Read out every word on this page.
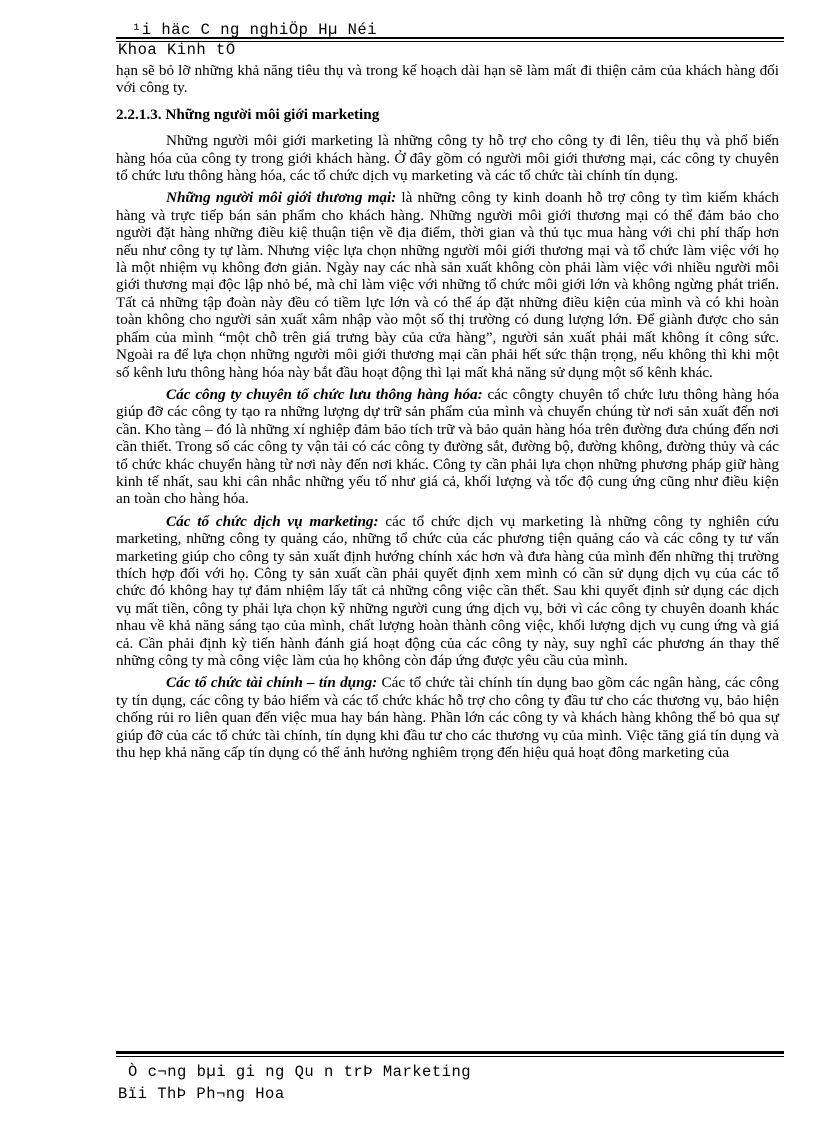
¹i häc C ng nghiÖp Hµ Néi
Khoa Kinh tÕ

hạn sẽ bỏ lỡ những khả năng tiêu thụ và trong kế hoạch dài hạn sẽ làm mất đi thiện cảm của khách hàng đối với công ty.

2.2.1.3. Những người môi giới marketing

Những người môi giới marketing là những công ty hỗ trợ cho công ty đi lên, tiêu thụ và phổ biến hàng hóa của công ty trong giới khách hàng. Ở đây gồm có người môi giới thương mại, các công ty chuyên tổ chức lưu thông hàng hóa, các tổ chức dịch vụ marketing và các tổ chức tài chính tín dụng.

Những người môi giới thương mại: là những công ty kinh doanh hỗ trợ công ty tìm kiếm khách hàng và trực tiếp bán sản phẩm cho khách hàng. Những người môi giới thương mại có thể đảm bảo cho người đặt hàng những điều kiệ thuận tiện về địa điểm, thời gian và thủ tục mua hàng với chi phí thấp hơn nếu như công ty tự làm. Nhưng việc lựa chọn những người môi giới thương mại và tổ chức làm việc với họ là một nhiệm vụ không đơn giản. Ngày nay các nhà sản xuất không còn phải làm việc với nhiều người môi giới thương mại độc lập nhỏ bé, mà chỉ làm việc với những tổ chức môi giới lớn và không ngừng phát triển. Tất cả những tập đoàn này đều có tiềm lực lớn và có thể áp đặt những điều kiện của mình và có khi hoàn toàn không cho người sản xuất xâm nhập vào một số thị trường có dung lượng lớn. Để giành được cho sản phẩm của mình “một chỗ trên giá trưng bày của cửa hàng”, người sản xuất phải mất không ít công sức. Ngoài ra để lựa chọn những người môi giới thương mại cần phải hết sức thận trọng, nếu không thì khi một số kênh lưu thông hàng hóa này bắt đầu hoạt động thì lại mất khả năng sử dụng một số kênh khác.

Các công ty chuyên tổ chức lưu thông hàng hóa: các côngty chuyên tổ chức lưu thông hàng hóa giúp đỡ các công ty tạo ra những lượng dự trữ sản phẩm của mình và chuyển chúng từ nơi sản xuất đến nơi cần. Kho tàng – đó là những xí nghiệp đảm bảo tích trữ và bảo quản hàng hóa trên đường đưa chúng đến nơi cần thiết. Trong số các công ty vận tải có các công ty đường sắt, đường bộ, đường không, đường thủy và các tổ chức khác chuyển hàng từ nơi này đến nơi khác. Công ty cần phải lựa chọn những phương pháp giữ hàng kinh tế nhất, sau khi cân nhắc những yếu tố như giá cả, khối lượng và tốc độ cung ứng cũng như điều kiện an toàn cho hàng hóa.

Các tổ chức dịch vụ marketing: các tổ chức dịch vụ marketing là những công ty nghiên cứu marketing, những công ty quảng cáo, những tổ chức của các phương tiện quảng cáo và các công ty tư vấn marketing giúp cho công ty sản xuất định hướng chính xác hơn và đưa hàng của mình đến những thị trường thích hợp đối với họ. Công ty sản xuất cần phải quyết định xem mình có cần sử dụng dịch vụ của các tổ chức đó không hay tự đảm nhiệm lấy tất cả những công việc cần thết. Sau khi quyết định sử dụng các dịch vụ mất tiền, công ty phải lựa chọn kỹ những người cung ứng dịch vụ, bởi vì các công ty chuyên doanh khác nhau về khả năng sáng tạo của mình, chất lượng hoàn thành công việc, khối lượng dịch vụ cung ứng và giá cả. Cần phải định kỳ tiến hành đánh giá hoạt động của các công ty này, suy nghĩ các phương án thay thế những công ty mà công việc làm của họ không còn đáp ứng được yêu cầu của mình.

Các tổ chức tài chính – tín dụng: Các tổ chức tài chính tín dụng bao gồm các ngân hàng, các công ty tín dụng, các công ty bảo hiểm và các tổ chức khác hỗ trợ cho công ty đầu tư cho các thương vụ, bảo hiện chống rủi ro liên quan đến việc mua hay bán hàng. Phần lớn các công ty và khách hàng không thể bỏ qua sự giúp đỡ của các tổ chức tài chính, tín dụng khi đầu tư cho các thương vụ của mình. Việc tăng giá tín dụng và thu hẹp khả năng cấp tín dụng có thể ảnh hưởng nghiêm trọng đến hiệu quả hoạt đông marketing của

Ò c¬ng bµi gi ng Qu n trÞ Marketing
Bïi ThÞ Ph¬ng Hoa
